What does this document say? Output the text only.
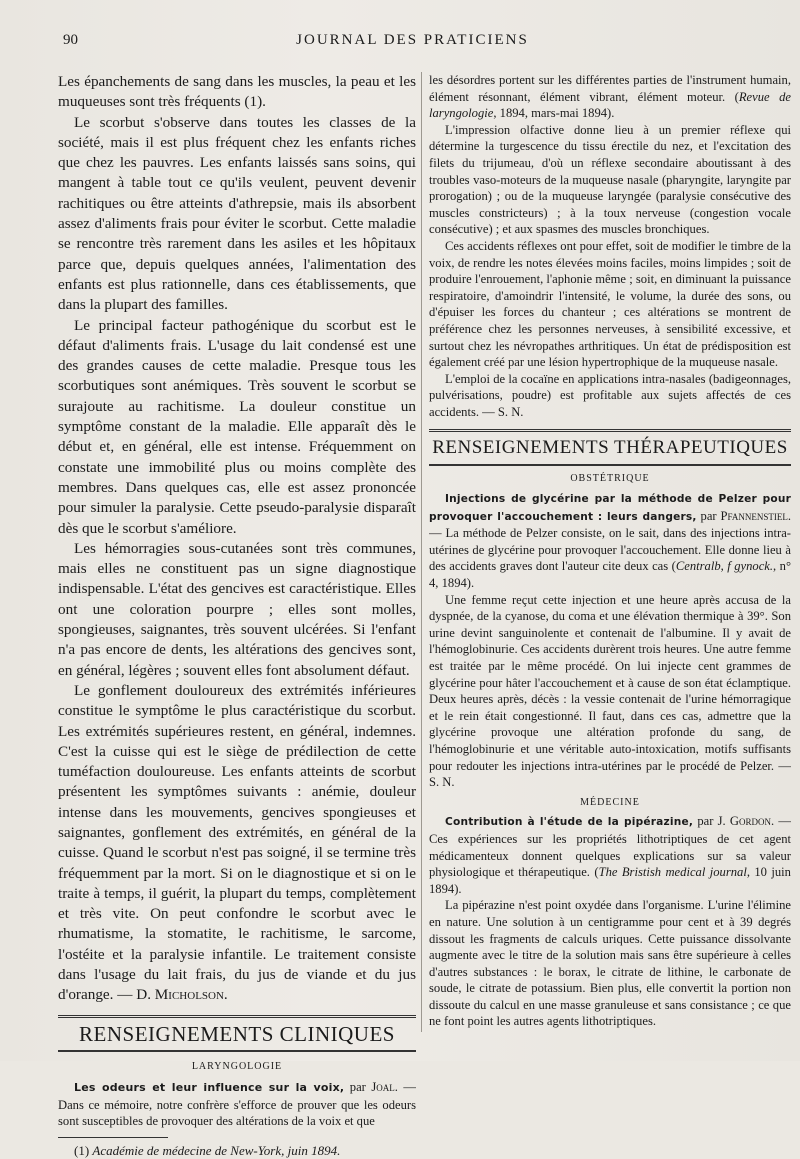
90	JOURNAL DES PRATICIENS

Les épanchements de sang dans les muscles, la peau et les muqueuses sont très fréquents (1).

Le scorbut s'observe dans toutes les classes de la société, mais il est plus fréquent chez les enfants riches que chez les pauvres. Les enfants laissés sans soins, qui mangent à table tout ce qu'ils veulent, peuvent devenir rachitiques ou être atteints d'athrepsie, mais ils absorbent assez d'aliments frais pour éviter le scorbut. Cette maladie se rencontre très rarement dans les asiles et les hôpitaux parce que, depuis quelques années, l'alimentation des enfants est plus rationnelle, dans ces établissements, que dans la plupart des familles.

Le principal facteur pathogénique du scorbut est le défaut d'aliments frais. L'usage du lait condensé est une des grandes causes de cette maladie. Presque tous les scorbutiques sont anémiques. Très souvent le scorbut se surajoute au rachitisme. La douleur constitue un symptôme constant de la maladie. Elle apparaît dès le début et, en général, elle est intense. Fréquemment on constate une immobilité plus ou moins complète des membres. Dans quelques cas, elle est assez prononcée pour simuler la paralysie. Cette pseudo-paralysie disparaît dès que le scorbut s'améliore.

Les hémorragies sous-cutanées sont très communes, mais elles ne constituent pas un signe diagnostique indispensable. L'état des gencives est caractéristique. Elles ont une coloration pourpre ; elles sont molles, spongieuses, saignantes, très souvent ulcérées. Si l'enfant n'a pas encore de dents, les altérations des gencives sont, en général, légères ; souvent elles font absolument défaut.

Le gonflement douloureux des extrémités inférieures constitue le symptôme le plus caractéristique du scorbut. Les extrémités supérieures restent, en général, indemnes. C'est la cuisse qui est le siège de prédilection de cette tuméfaction douloureuse. Les enfants atteints de scorbut présentent les symptômes suivants : anémie, douleur intense dans les mouvements, gencives spongieuses et saignantes, gonflement des extrémités, en général de la cuisse. Quand le scorbut n'est pas soigné, il se termine très fréquemment par la mort. Si on le diagnostique et si on le traite à temps, il guérit, la plupart du temps, complètement et très vite. On peut confondre le scorbut avec le rhumatisme, la stomatite, le rachitisme, le sarcome, l'ostéite et la paralysie infantile. Le traitement consiste dans l'usage du lait frais, du jus de viande et du jus d'orange. — D. Micholson.

RENSEIGNEMENTS CLINIQUES
LARYNGOLOGIE

Les odeurs et leur influence sur la voix, par Joal. — Dans ce mémoire, notre confrère s'efforce de prouver que les odeurs sont susceptibles de provoquer des altérations de la voix et que

(1) Académie de médecine de New-York, juin 1894.

les désordres portent sur les différentes parties de l'instrument humain, élément résonnant, élément vibrant, élément moteur. (Revue de laryngologie, 1894, mars-mai 1894).

L'impression olfactive donne lieu à un premier réflexe qui détermine la turgescence du tissu érectile du nez, et l'excitation des filets du trijumeau, d'où un réflexe secondaire aboutissant à des troubles vaso-moteurs de la muqueuse nasale (pharyngite, laryngite par prorogation) ; ou de la muqueuse laryngée (paralysie consécutive des muscles constricteurs) ; à la toux nerveuse (congestion vocale consécutive) ; et aux spasmes des muscles bronchiques.

Ces accidents réflexes ont pour effet, soit de modifier le timbre de la voix, de rendre les notes élevées moins faciles, moins limpides ; soit de produire l'enrouement, l'aphonie même ; soit, en diminuant la puissance respiratoire, d'amoindrir l'intensité, le volume, la durée des sons, ou d'épuiser les forces du chanteur ; ces altérations se montrent de préférence chez les personnes nerveuses, à sensibilité excessive, et surtout chez les névropathes arthritiques. Un état de prédisposition est également créé par une lésion hypertrophique de la muqueuse nasale.

L'emploi de la cocaïne en applications intra-nasales (badigeonnages, pulvérisations, poudre) est profitable aux sujets affectés de ces accidents. — S. N.

RENSEIGNEMENTS THÉRAPEUTIQUES
OBSTÉTRIQUE

Injections de glycérine par la méthode de Pelzer pour provoquer l'accouchement : leurs dangers, par Pfannenstiel. — La méthode de Pelzer consiste, on le sait, dans des injections intra-utérines de glycérine pour provoquer l'accouchement. Elle donne lieu à des accidents graves dont l'auteur cite deux cas (Centralb, f gynock., n° 4, 1894).

Une femme reçut cette injection et une heure après accusa de la dyspnée, de la cyanose, du coma et une élévation thermique à 39°. Son urine devint sanguinolente et contenait de l'albumine. Il y avait de l'hémoglobinurie. Ces accidents durèrent trois heures. Une autre femme est traitée par le même procédé. On lui injecte cent grammes de glycérine pour hâter l'accouchement et à cause de son état éclamptique. Deux heures après, décès : la vessie contenait de l'urine hémorragique et le rein était congestionné. Il faut, dans ces cas, admettre que la glycérine provoque une altération profonde du sang, de l'hémoglobinurie et une véritable auto-intoxication, motifs suffisants pour redouter les injections intra-utérines par le procédé de Pelzer. — S. N.

MÉDECINE

Contribution à l'étude de la pipérazine, par J. Gordon. — Ces expériences sur les propriétés lithotriptiques de cet agent médicamenteux donnent quelques explications sur sa valeur physiologique et thérapeutique. (The Bristish medical journal, 10 juin 1894).

La pipérazine n'est point oxydée dans l'organisme. L'urine l'élimine en nature. Une solution à un centigramme pour cent et à 39 degrés dissout les fragments de calculs uriques. Cette puissance dissolvante augmente avec le titre de la solution mais sans être supérieure à celles d'autres substances : le borax, le citrate de lithine, le carbonate de soude, le citrate de potassium. Bien plus, elle convertit la portion non dissoute du calcul en une masse granuleuse et sans consistance ; ce que ne font point les autres agents lithotriptiques.
